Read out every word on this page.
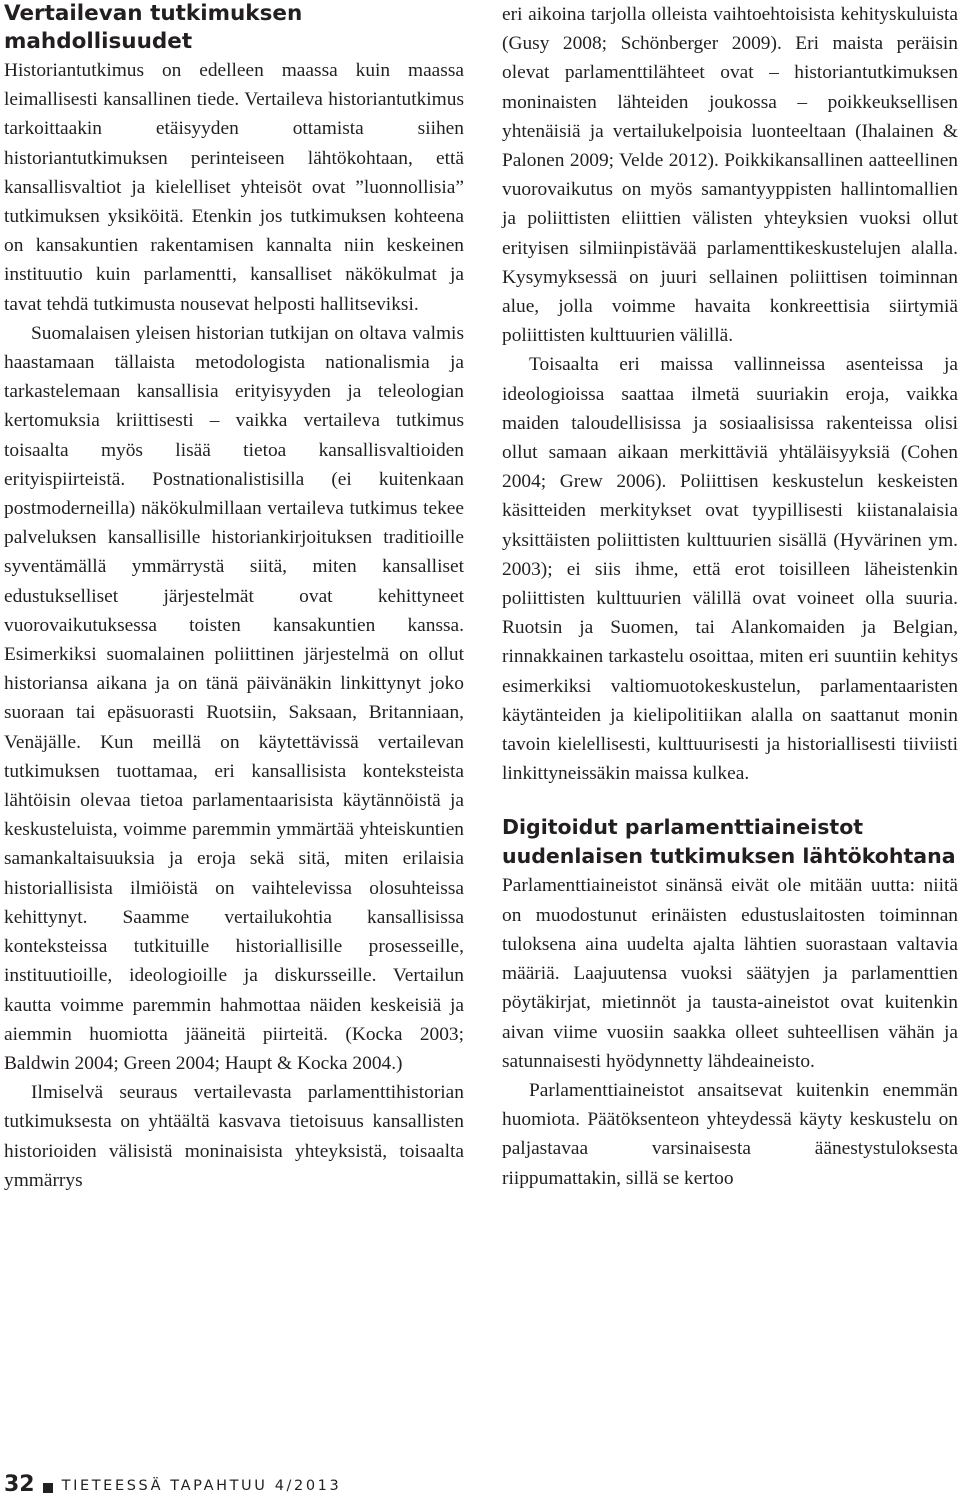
Vertailevan tutkimuksen mahdollisuudet

Historiantutkimus on edelleen maassa kuin maassa leimallisesti kansallinen tiede. Vertaileva historiantutkimus tarkoittaakin etäisyyden ottamista siihen historiantutkimuksen perinteiseen lähtökohtaan, että kansallisvaltiot ja kielelliset yhteisöt ovat ”luonnollisia” tutkimuksen yksiköitä. Etenkin jos tutkimuksen kohteena on kansakuntien rakentamisen kannalta niin keskeinen instituutio kuin parlamentti, kansalliset näkökulmat ja tavat tehdä tutkimusta nousevat helposti hallitseviksi.

Suomalaisen yleisen historian tutkijan on oltava valmis haastamaan tällaista metodologista nationalismia ja tarkastelemaan kansallisia erityisyyden ja teleologian kertomuksia kriittisesti – vaikka vertaileva tutkimus toisaalta myös lisää tietoa kansallisvaltioiden erityispiirteistä. Postnationalistisilla (ei kuitenkaan postmoderneilla) näkökulmillaan vertaileva tutkimus tekee palveluksen kansallisille historiankirjoituksen traditioille syventämällä ymmärrystä siitä, miten kansalliset edustukselliset järjestelmät ovat kehittyneet vuorovaikutuksessa toisten kansakuntien kanssa. Esimerkiksi suomalainen poliittinen järjestelmä on ollut historiansa aikana ja on tänä päivänäkin linkittynyt joko suoraan tai epäsuorasti Ruotsiin, Saksaan, Britanniaan, Venäjälle. Kun meillä on käytettävissä vertailevan tutkimuksen tuottamaa, eri kansallisista konteksteista lähtöisin olevaa tietoa parlamentaarisista käytännöistä ja keskusteluista, voimme paremmin ymmärtää yhteiskuntien samankaltaisuuksia ja eroja sekä sitä, miten erilaisia historiallisista ilmiöistä on vaihtelevissa olosuhteissa kehittynyt. Saamme vertailukohtia kansallisissa konteksteissa tutkituille historiallisille prosesseille, instituutioille, ideologioille ja diskursseille. Vertailun kautta voimme paremmin hahmottaa näiden keskeisiä ja aiemmin huomiotta jääneitä piirteitä. (Kocka 2003; Baldwin 2004; Green 2004; Haupt & Kocka 2004.)

Ilmiselvä seuraus vertailevasta parlamenttihistorian tutkimuksesta on yhtäältä kasvava tietoisuus kansallisten historioiden välisistä moninaisista yhteyksistä, toisaalta ymmärrys

eri aikoina tarjolla olleista vaihtoehtoisista kehityskuluista (Gusy 2008; Schönberger 2009). Eri maista peräisin olevat parlamenttilähteet ovat – historiantutkimuksen moninaisten lähteiden joukossa – poikkeuksellisen yhtenäisiä ja vertailukelpoisia luonteeltaan (Ihalainen & Palonen 2009; Velde 2012). Poikkikansallinen aatteellinen vuorovaikutus on myös samantyyppisten hallintomallien ja poliittisten eliittien välisten yhteyksien vuoksi ollut erityisen silmiinpistävää parlamenttikeskustelujen alalla. Kysymyksessä on juuri sellainen poliittisen toiminnan alue, jolla voimme havaita konkreettisia siirtymiä poliittisten kulttuurien välillä.

Toisaalta eri maissa vallinneissa asenteissa ja ideologioissa saattaa ilmetä suuriakin eroja, vaikka maiden taloudellisissa ja sosiaalisissa rakenteissa olisi ollut samaan aikaan merkittäviä yhtäläisyyksiä (Cohen 2004; Grew 2006). Poliittisen keskustelun keskeisten käsitteiden merkitykset ovat tyypillisesti kiistanalaisia yksittäisten poliittisten kulttuurien sisällä (Hyvärinen ym. 2003); ei siis ihme, että erot toisilleen läheistenkin poliittisten kulttuurien välillä ovat voineet olla suuria. Ruotsin ja Suomen, tai Alankomaiden ja Belgian, rinnakkainen tarkastelu osoittaa, miten eri suuntiin kehitys esimerkiksi valtiomuotokeskustelun, parlamentaaristen käytänteiden ja kielipolitiikan alalla on saattanut monin tavoin kielellisesti, kulttuurisesti ja historiallisesti tiiviisti linkittyneissäkin maissa kulkea.

Digitoidut parlamenttiaineistot uudenlaisen tutkimuksen lähtökohtana

Parlamenttiaineistot sinänsä eivät ole mitään uutta: niitä on muodostunut erinäisten edustuslaitosten toiminnan tuloksena aina uudelta ajalta lähtien suorastaan valtavia määriä. Laajuutensa vuoksi säätyjen ja parlamenttien pöytäkirjat, mietinnöt ja tausta-aineistot ovat kuitenkin aivan viime vuosiin saakka olleet suhteellisen vähän ja satunnaisesti hyödynnetty lähdeaineisto.

Parlamenttiaineistot ansaitsevat kuitenkin enemmän huomiota. Päätöksenteon yhteydessä käyty keskustelu on paljastavaa varsinaisesta äänestystuloksesta riippumattakin, sillä se kertoo

32 TIETEESSÄ TAPAHTUU 4/2013
